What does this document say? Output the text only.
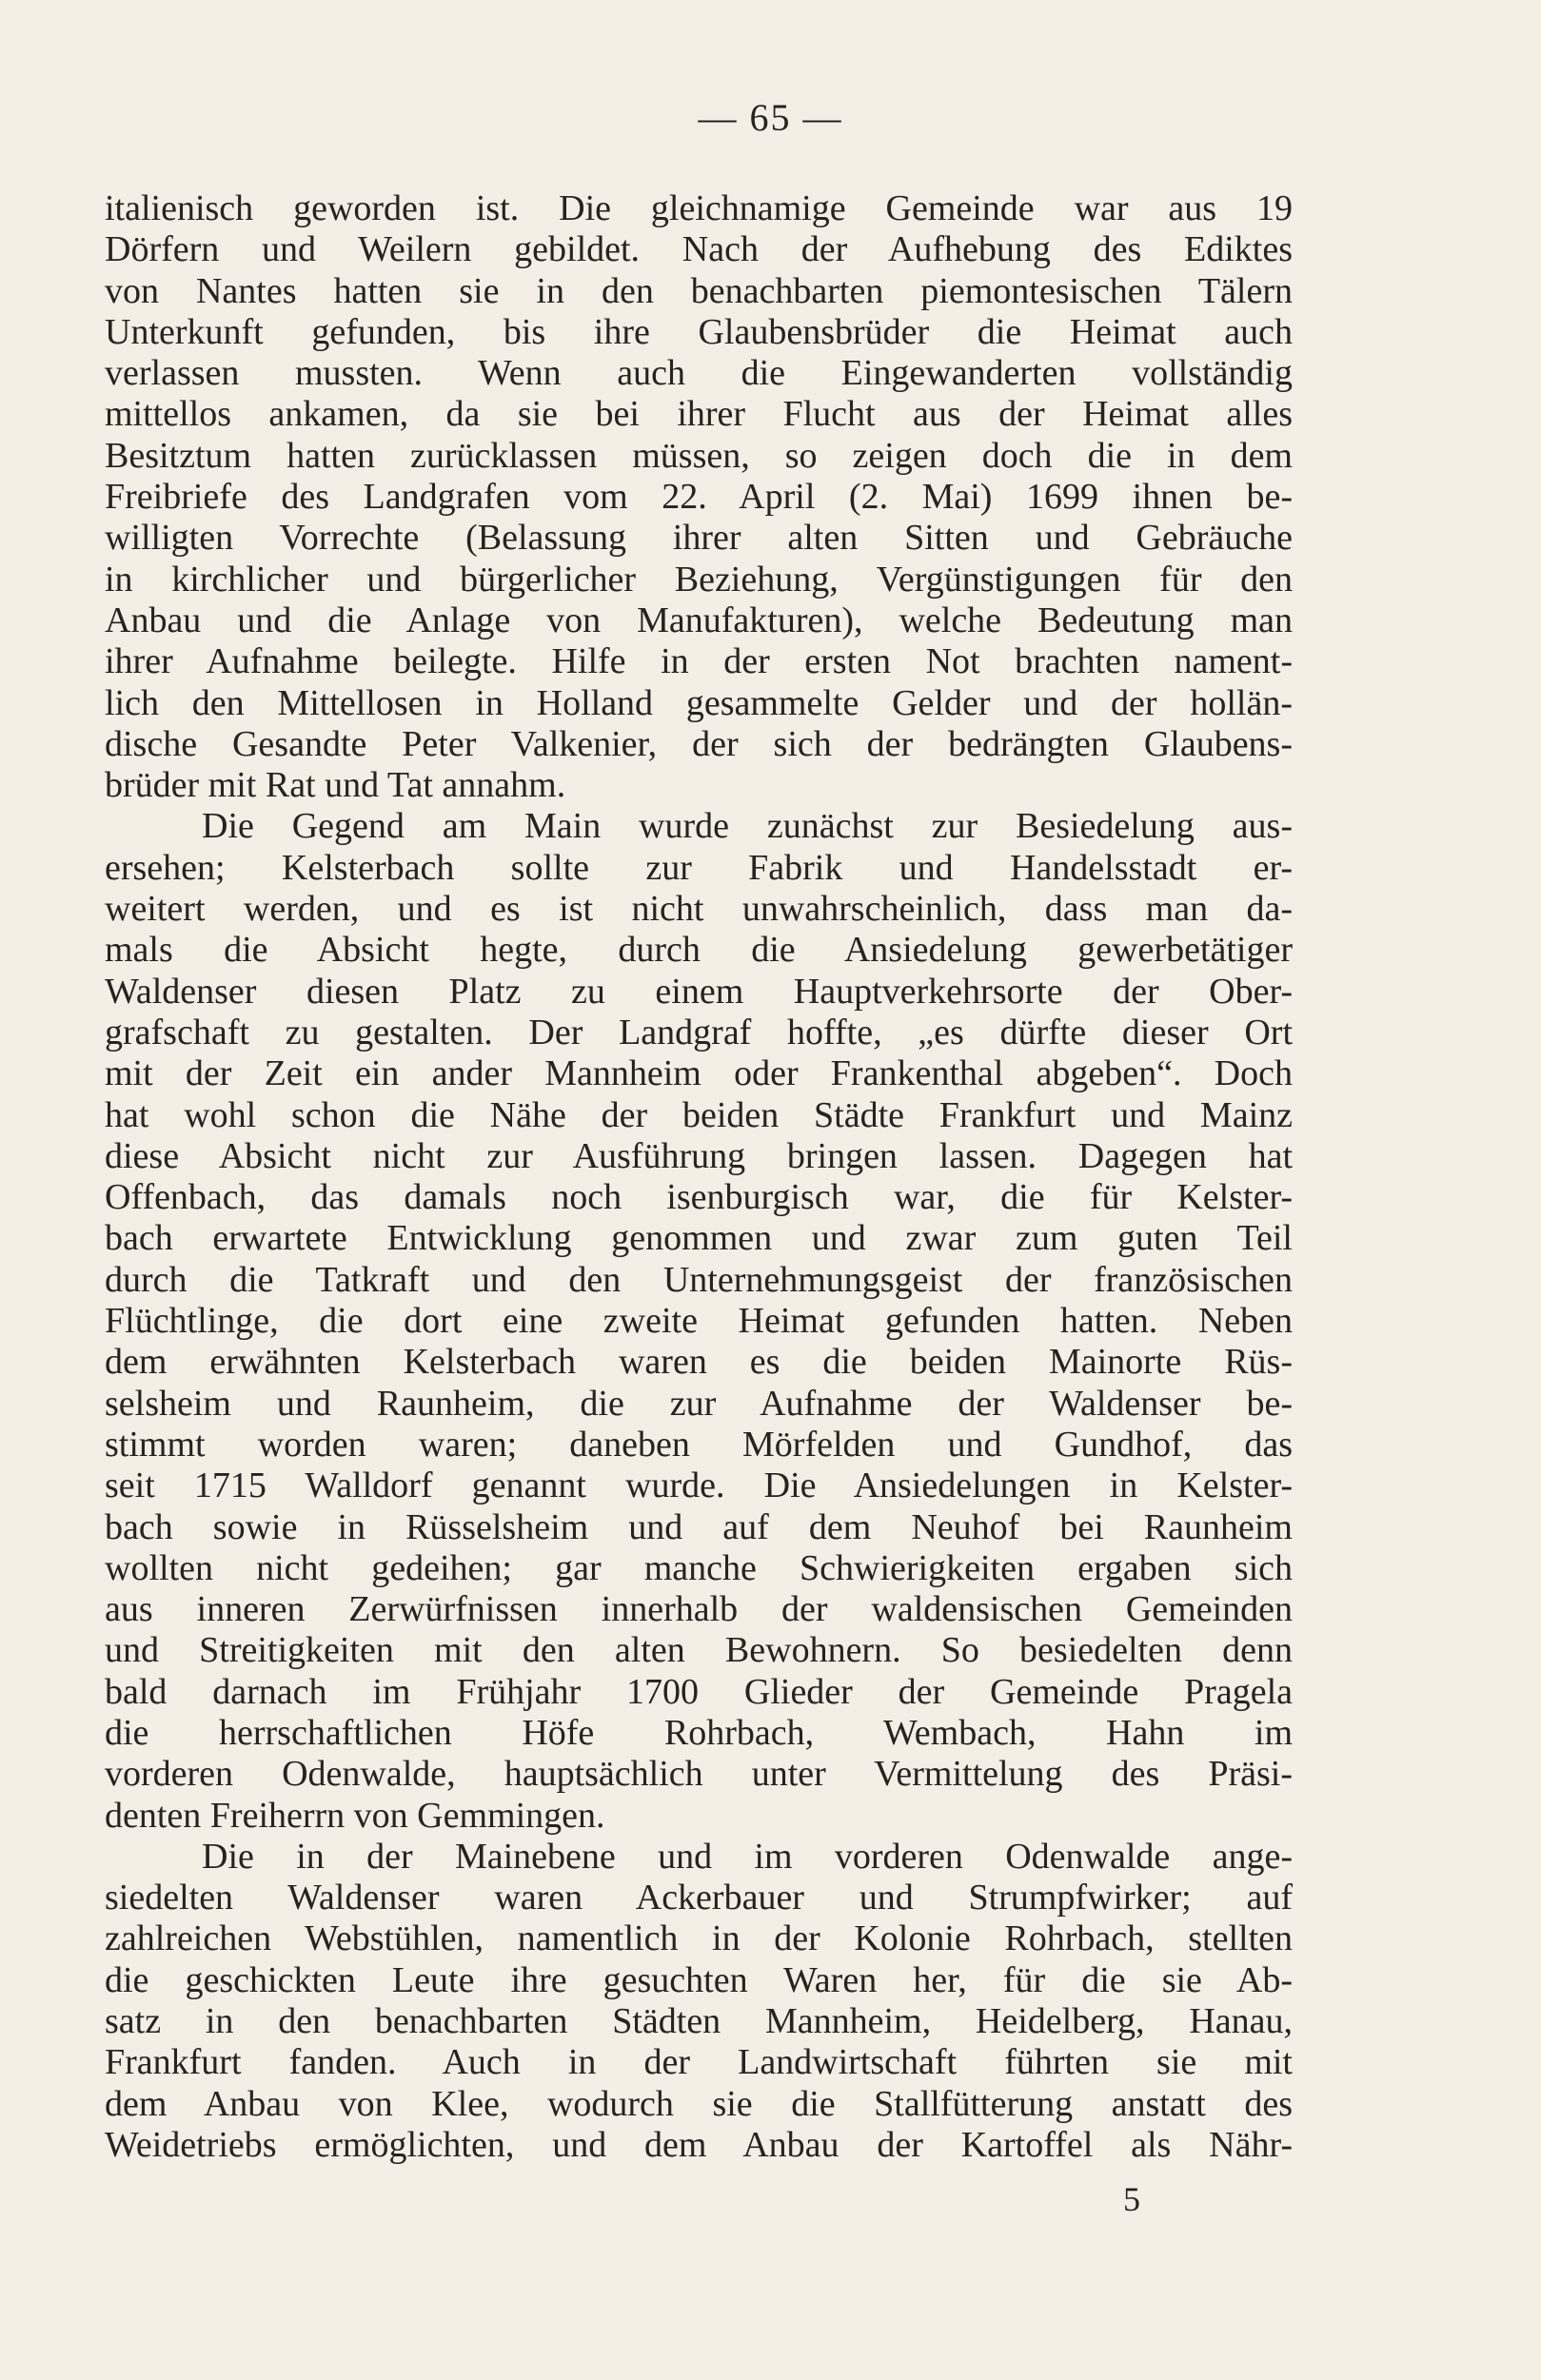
— 65 —
italienisch geworden ist. Die gleichnamige Gemeinde war aus 19
Dörfern und Weilern gebildet. Nach der Aufhebung des Ediktes
von Nantes hatten sie in den benachbarten piemontesischen Tälern
Unterkunft gefunden, bis ihre Glaubensbrüder die Heimat auch
verlassen mussten. Wenn auch die Eingewanderten vollständig
mittellos ankamen, da sie bei ihrer Flucht aus der Heimat alles
Besitztum hatten zurücklassen müssen, so zeigen doch die in dem
Freibriefe des Landgrafen vom 22. April (2. Mai) 1699 ihnen be-
willigten Vorrechte (Belassung ihrer alten Sitten und Gebräuche
in kirchlicher und bürgerlicher Beziehung, Vergünstigungen für den
Anbau und die Anlage von Manufakturen), welche Bedeutung man
ihrer Aufnahme beilegte. Hilfe in der ersten Not brachten nament-
lich den Mittellosen in Holland gesammelte Gelder und der hollän-
dische Gesandte Peter Valkenier, der sich der bedrängten Glaubens-
brüder mit Rat und Tat annahm.
Die Gegend am Main wurde zunächst zur Besiedelung aus-
ersehen; Kelsterbach sollte zur Fabrik und Handelsstadt er-
weitert werden, und es ist nicht unwahrscheinlich, dass man da-
mals die Absicht hegte, durch die Ansiedelung gewerbetätiger
Waldenser diesen Platz zu einem Hauptverkehrsorte der Ober-
grafschaft zu gestalten. Der Landgraf hoffte, „es dürfte dieser Ort
mit der Zeit ein ander Mannheim oder Frankenthal abgeben“. Doch
hat wohl schon die Nähe der beiden Städte Frankfurt und Mainz
diese Absicht nicht zur Ausführung bringen lassen. Dagegen hat
Offenbach, das damals noch isenburgisch war, die für Kelster-
bach erwartete Entwicklung genommen und zwar zum guten Teil
durch die Tatkraft und den Unternehmungsgeist der französischen
Flüchtlinge, die dort eine zweite Heimat gefunden hatten. Neben
dem erwähnten Kelsterbach waren es die beiden Mainorte Rüs-
selsheim und Raunheim, die zur Aufnahme der Waldenser be-
stimmt worden waren; daneben Mörfelden und Gundhof, das
seit 1715 Walldorf genannt wurde. Die Ansiedelungen in Kelster-
bach sowie in Rüsselsheim und auf dem Neuhof bei Raunheim
wollten nicht gedeihen; gar manche Schwierigkeiten ergaben sich
aus inneren Zerwürfnissen innerhalb der waldensischen Gemeinden
und Streitigkeiten mit den alten Bewohnern. So besiedelten denn
bald darnach im Frühjahr 1700 Glieder der Gemeinde Pragela
die herrschaftlichen Höfe Rohrbach, Wembach, Hahn im
vorderen Odenwalde, hauptsächlich unter Vermittelung des Präsi-
denten Freiherrn von Gemmingen.
Die in der Mainebene und im vorderen Odenwalde ange-
siedelten Waldenser waren Ackerbauer und Strumpfwirker; auf
zahlreichen Webstühlen, namentlich in der Kolonie Rohrbach, stellten
die geschickten Leute ihre gesuchten Waren her, für die sie Ab-
satz in den benachbarten Städten Mannheim, Heidelberg, Hanau,
Frankfurt fanden. Auch in der Landwirtschaft führten sie mit
dem Anbau von Klee, wodurch sie die Stallfütterung anstatt des
Weidetriebs ermöglichten, und dem Anbau der Kartoffel als Nähr-
5
